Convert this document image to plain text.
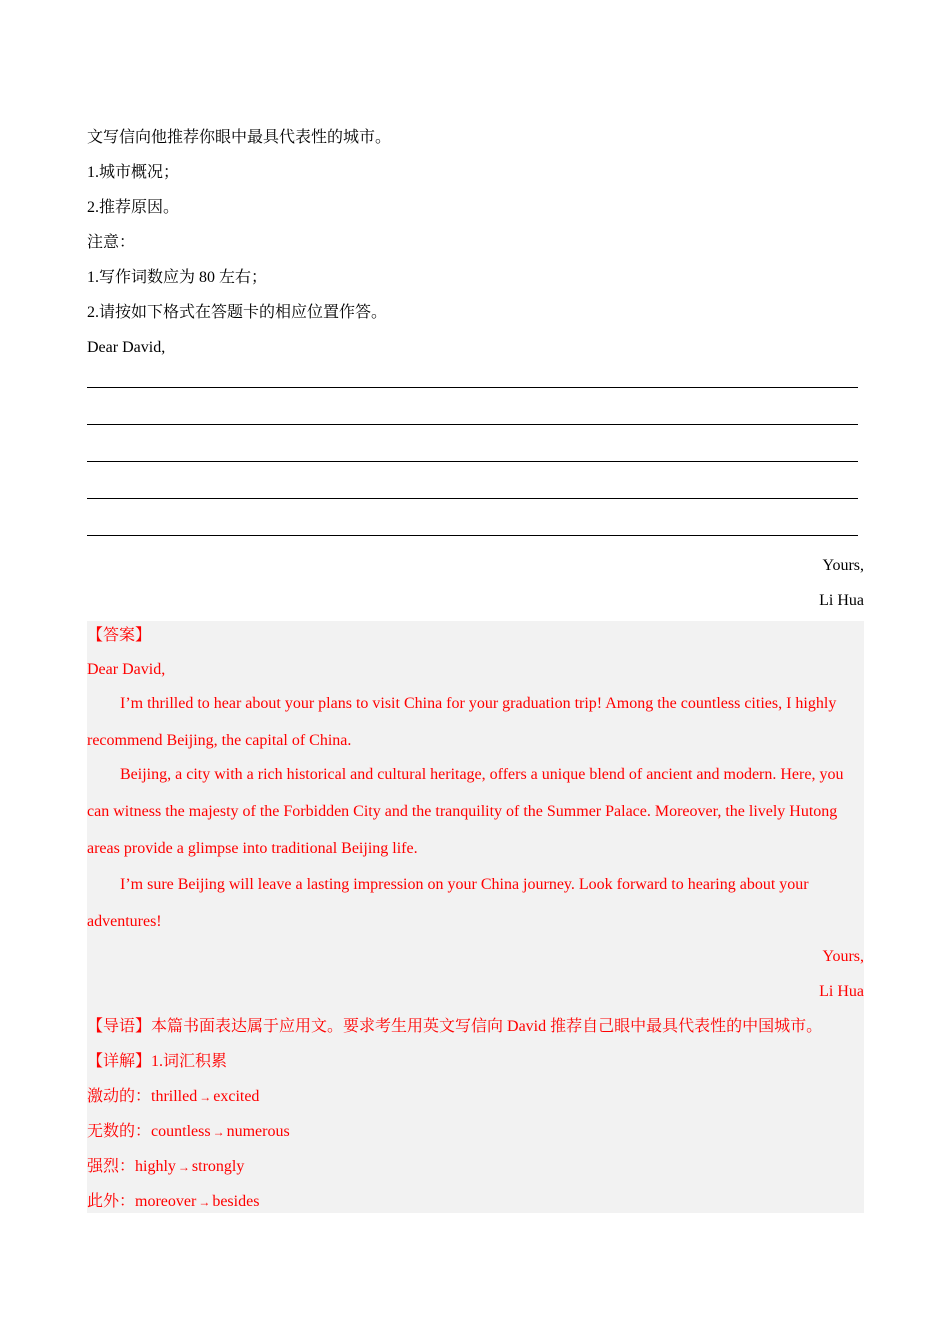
文写信向他推荐你眼中最具代表性的城市。
1.城市概况；
2.推荐原因。
注意：
1.写作词数应为 80 左右；
2.请按如下格式在答题卡的相应位置作答。
Dear David,
Yours,
Li Hua
【答案】
Dear David,
I’m thrilled to hear about your plans to visit China for your graduation trip! Among the countless cities, I highly recommend Beijing, the capital of China.
Beijing, a city with a rich historical and cultural heritage, offers a unique blend of ancient and modern. Here, you can witness the majesty of the Forbidden City and the tranquility of the Summer Palace. Moreover, the lively Hutong areas provide a glimpse into traditional Beijing life.
I’m sure Beijing will leave a lasting impression on your China journey. Look forward to hearing about your adventures!
Yours,
Li Hua
【导语】本篇书面表达属于应用文。要求考生用英文写信向 David 推荐自己眼中最具代表性的中国城市。
【详解】1.词汇积累
激动的：thrilled → excited
无数的：countless → numerous
强烈：highly → strongly
此外：moreover → besides
